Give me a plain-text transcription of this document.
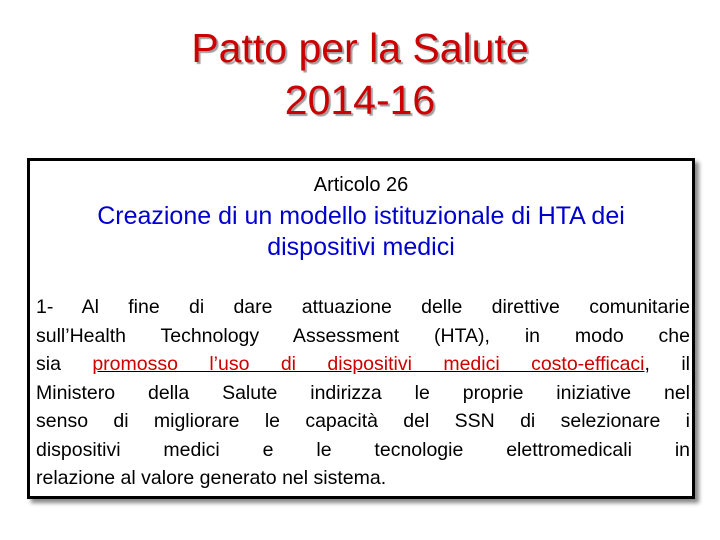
Patto per la Salute
2014-16
Articolo 26
Creazione di un modello istituzionale di HTA dei
dispositivi medici
1- Al fine di dare attuazione delle direttive comunitarie
sull’Health Technology Assessment (HTA), in modo che
sia promosso l’uso di dispositivi medici costo-efficaci, il
Ministero della Salute indirizza le proprie iniziative nel
senso di migliorare le capacità del SSN di selezionare i
dispositivi medici e le tecnologie elettromedicali in
relazione al valore generato nel sistema.
